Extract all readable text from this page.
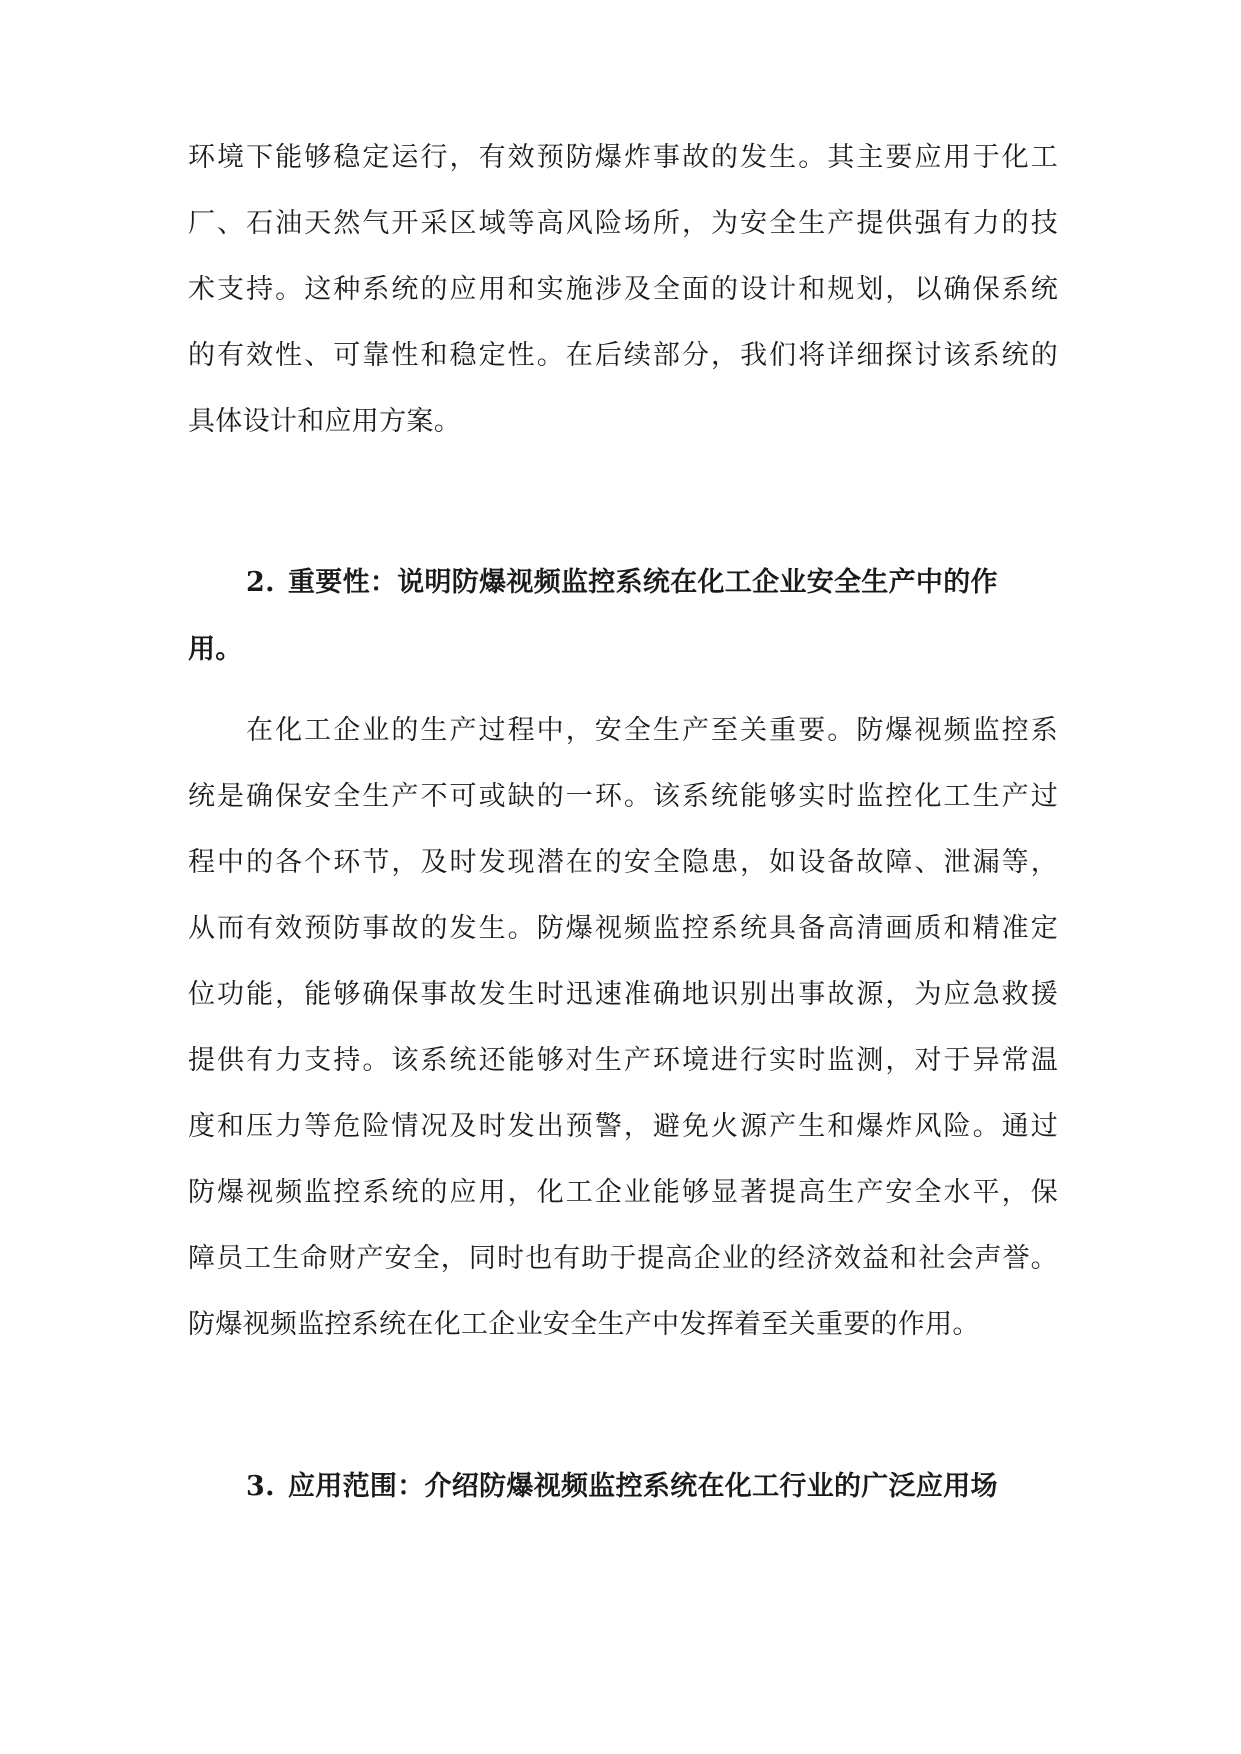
环境下能够稳定运行，有效预防爆炸事故的发生。其主要应用于化工
厂、石油天然气开采区域等高风险场所，为安全生产提供强有力的技
术支持。这种系统的应用和实施涉及全面的设计和规划，以确保系统
的有效性、可靠性和稳定性。在后续部分，我们将详细探讨该系统的
具体设计和应用方案。
2. 重要性：说明防爆视频监控系统在化工企业安全生产中的作
用。
在化工企业的生产过程中，安全生产至关重要。防爆视频监控系
统是确保安全生产不可或缺的一环。该系统能够实时监控化工生产过
程中的各个环节，及时发现潜在的安全隐患，如设备故障、泄漏等，
从而有效预防事故的发生。防爆视频监控系统具备高清画质和精准定
位功能，能够确保事故发生时迅速准确地识别出事故源，为应急救援
提供有力支持。该系统还能够对生产环境进行实时监测，对于异常温
度和压力等危险情况及时发出预警，避免火源产生和爆炸风险。通过
防爆视频监控系统的应用，化工企业能够显著提高生产安全水平，保
障员工生命财产安全，同时也有助于提高企业的经济效益和社会声誉。
防爆视频监控系统在化工企业安全生产中发挥着至关重要的作用。
3. 应用范围：介绍防爆视频监控系统在化工行业的广泛应用场
